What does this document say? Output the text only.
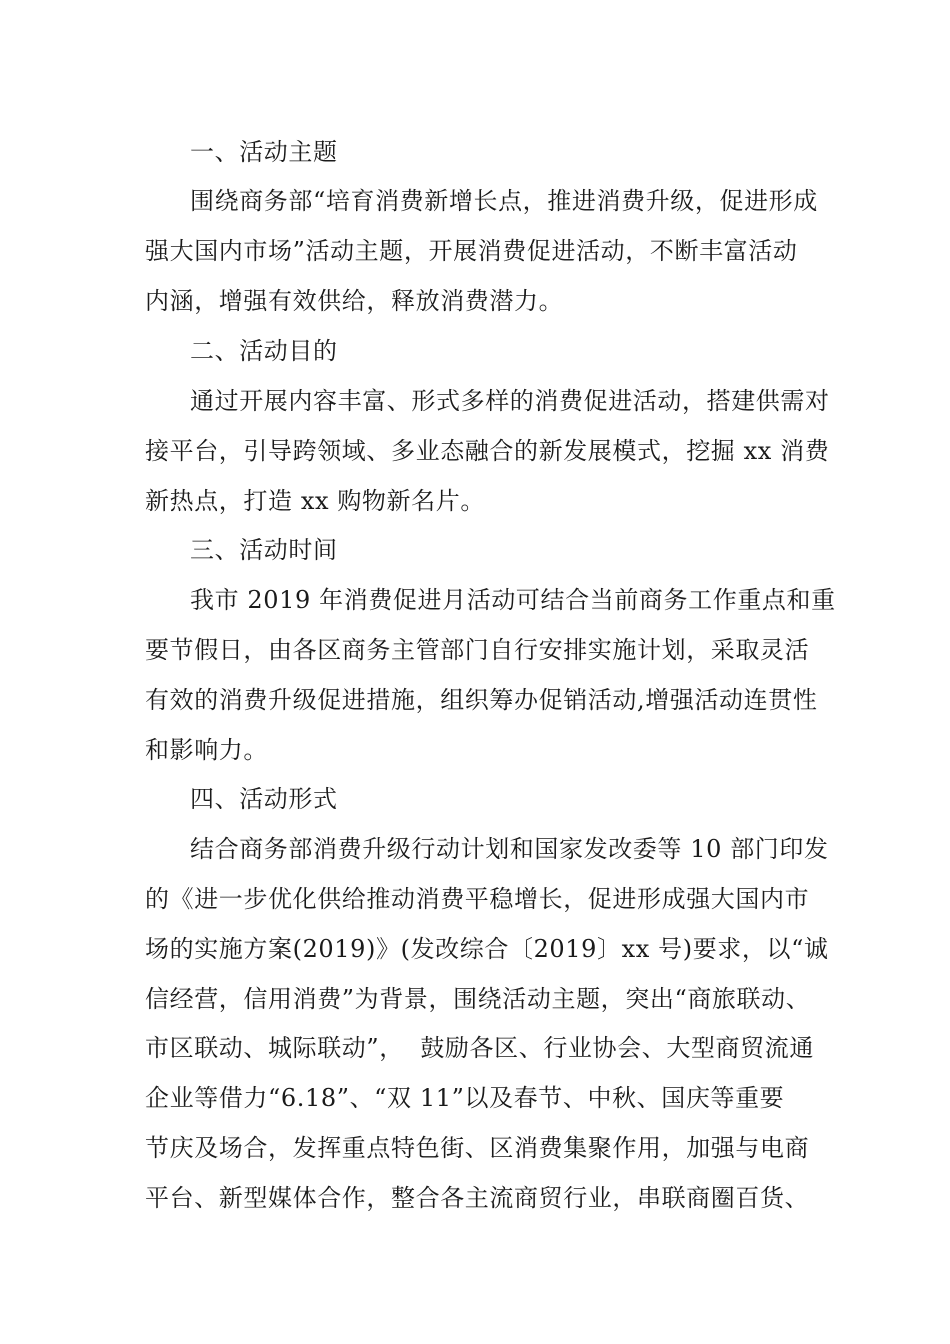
一、活动主题
围绕商务部“培育消费新增长点，推进消费升级，促进形成
强大国内市场”活动主题，开展消费促进活动，不断丰富活动
内涵，增强有效供给，释放消费潜力。
二、活动目的
通过开展内容丰富、形式多样的消费促进活动，搭建供需对
接平台，引导跨领域、多业态融合的新发展模式，挖掘 xx 消费
新热点，打造 xx 购物新名片。
三、活动时间
我市 2019 年消费促进月活动可结合当前商务工作重点和重
要节假日，由各区商务主管部门自行安排实施计划，采取灵活
有效的消费升级促进措施，组织筹办促销活动,增强活动连贯性
和影响力。
四、活动形式
结合商务部消费升级行动计划和国家发改委等 10 部门印发
的《进一步优化供给推动消费平稳增长，促进形成强大国内市
场的实施方案(2019)》(发改综合〔2019〕xx 号)要求，以“诚
信经营，信用消费”为背景，围绕活动主题，突出“商旅联动、
市区联动、城际联动”，  鼓励各区、行业协会、大型商贸流通
企业等借力“6.18”、“双 11”以及春节、中秋、国庆等重要
节庆及场合，发挥重点特色街、区消费集聚作用，加强与电商
平台、新型媒体合作，整合各主流商贸行业，串联商圈百货、
